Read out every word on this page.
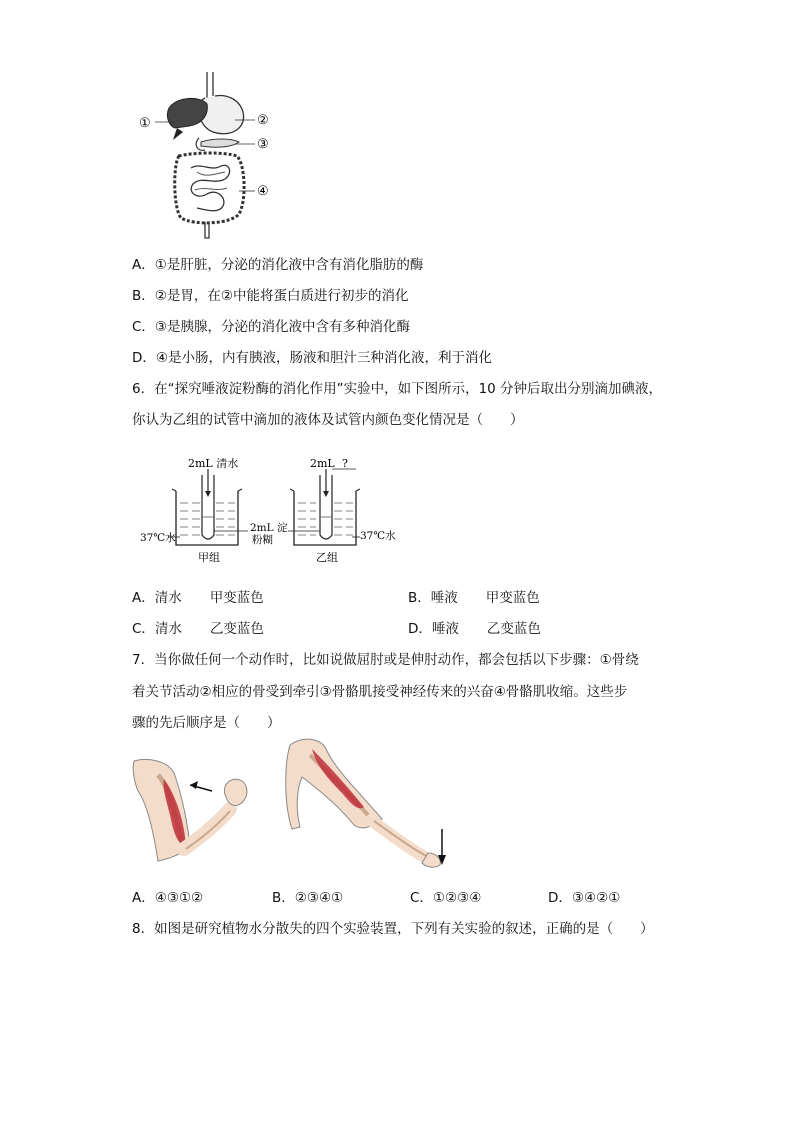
①	②
③
④
A．①是肝脏，分泌的消化液中含有消化脂肪的酶
B．②是胃，在②中能将蛋白质进行初步的消化
C．③是胰腺，分泌的消化液中含有多种消化酶
D．④是小肠，内有胰液，肠液和胆汁三种消化液，利于消化
6．在“探究唾液淀粉酶的消化作用”实验中，如下图所示，10 分钟后取出分别滴加碘液，
你认为乙组的试管中滴加的液体及试管内颜色变化情况是（　　）
2mL 清水	2mL ?
2mL 淀
粉糊
37℃水	37℃水
甲组	乙组
A．清水 甲变蓝色	B．唾液 甲变蓝色
C．清水 乙变蓝色	D．唾液 乙变蓝色
7．当你做任何一个动作时，比如说做屈肘或是伸肘动作，都会包括以下步骤：①骨绕
着关节活动②相应的骨受到牵引③骨骼肌接受神经传来的兴奋④骨骼肌收缩。这些步
骤的先后顺序是（　　）
A．④③①②	B．②③④①	C．①②③④	D．③④②①
8．如图是研究植物水分散失的四个实验装置，下列有关实验的叙述，正确的是（　　）
